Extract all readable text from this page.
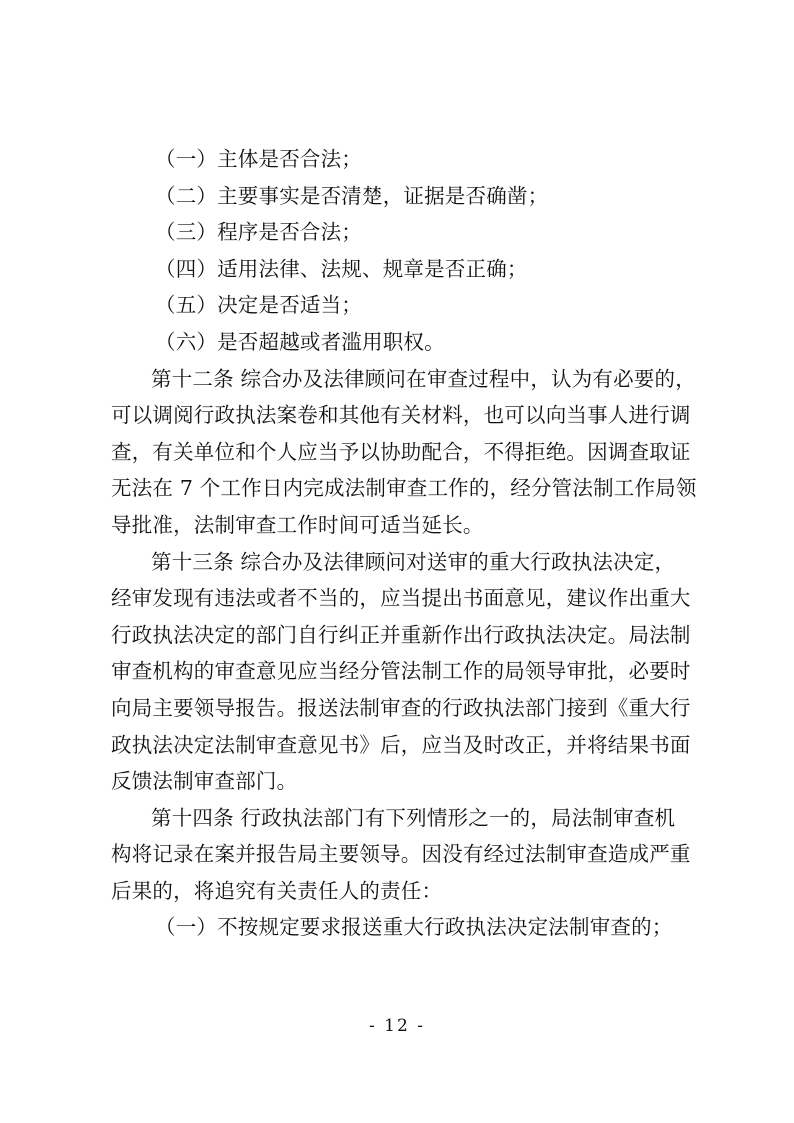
（一）主体是否合法；
（二）主要事实是否清楚，证据是否确凿；
（三）程序是否合法；
（四）适用法律、法规、规章是否正确；
（五）决定是否适当；
（六）是否超越或者滥用职权。
第十二条 综合办及法律顾问在审查过程中，认为有必要的，
可以调阅行政执法案卷和其他有关材料，也可以向当事人进行调
查，有关单位和个人应当予以协助配合，不得拒绝。因调查取证
无法在 7 个工作日内完成法制审查工作的，经分管法制工作局领
导批准，法制审查工作时间可适当延长。
第十三条 综合办及法律顾问对送审的重大行政执法决定，
经审发现有违法或者不当的，应当提出书面意见，建议作出重大
行政执法决定的部门自行纠正并重新作出行政执法决定。局法制
审查机构的审查意见应当经分管法制工作的局领导审批，必要时
向局主要领导报告。报送法制审查的行政执法部门接到《重大行
政执法决定法制审查意见书》后，应当及时改正，并将结果书面
反馈法制审查部门。
第十四条 行政执法部门有下列情形之一的，局法制审查机
构将记录在案并报告局主要领导。因没有经过法制审查造成严重
后果的，将追究有关责任人的责任：
（一）不按规定要求报送重大行政执法决定法制审查的；
- 12 -
